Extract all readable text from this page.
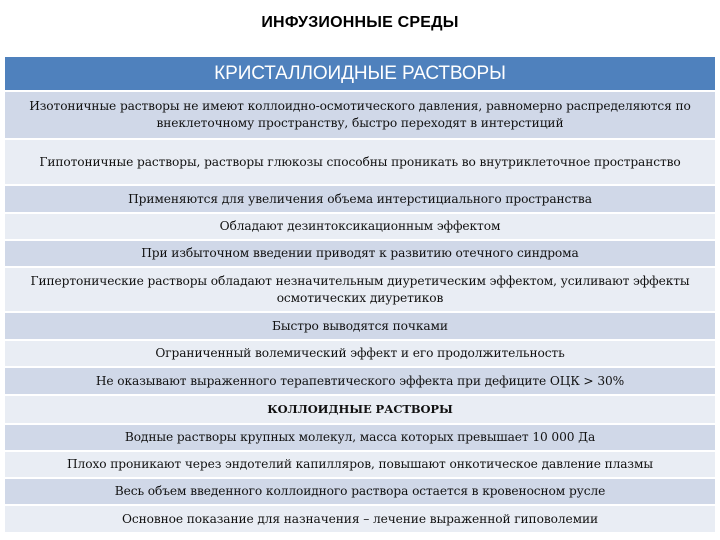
ИНФУЗИОННЫЕ СРЕДЫ
КРИСТАЛЛОИДНЫЕ РАСТВОРЫ
Изотоничные растворы не имеют коллоидно-осмотического давления, равномерно распределяются по внеклеточному пространству, быстро переходят в интерстиций
Гипотоничные растворы, растворы глюкозы способны проникать во внутриклеточное пространство
Применяются для увеличения объема интерстициального пространства
Обладают дезинтоксикационным эффектом
При избыточном введении приводят к развитию отечного синдрома
Гипертонические растворы обладают незначительным диуретическим эффектом, усиливают эффекты осмотических диуретиков
Быстро выводятся почками
Ограниченный волемический эффект и его продолжительность
Не оказывают выраженного терапевтического эффекта при дефиците ОЦК > 30%
КОЛЛОИДНЫЕ РАСТВОРЫ
Водные растворы крупных молекул, масса которых превышает 10 000 Да
Плохо проникают через эндотелий капилляров, повышают онкотическое давление плазмы
Весь объем введенного коллоидного раствора остается в кровеносном русле
Основное показание для назначения – лечение выраженной гиповолемии
